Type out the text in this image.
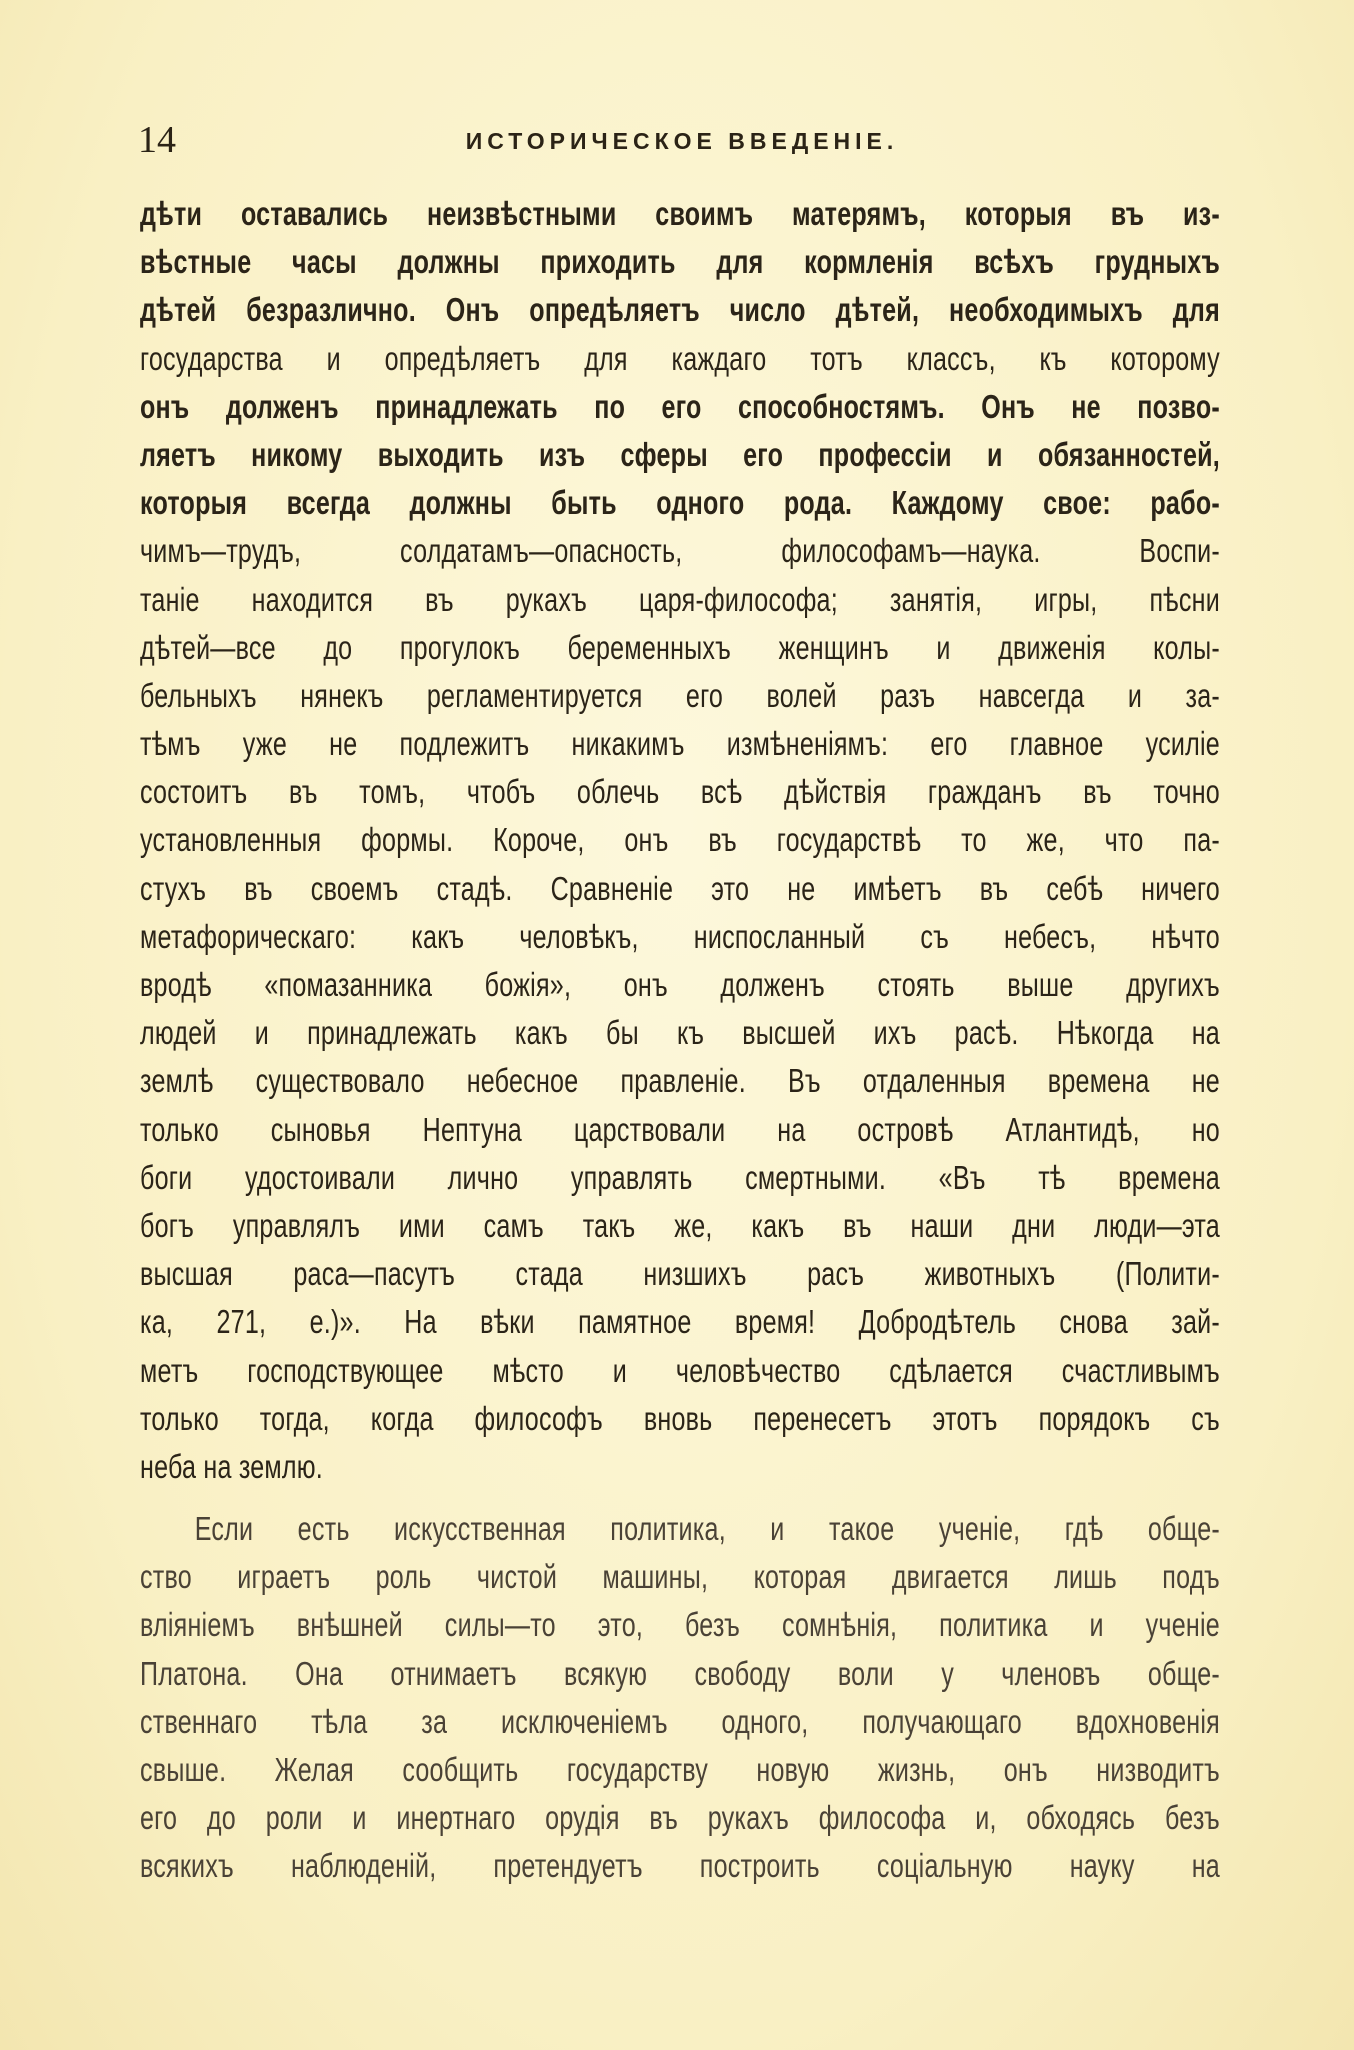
14	ИСТОРИЧЕСКОЕ ВВЕДЕНІЕ.
дѣти оставались неизвѣстными своимъ матерямъ, которыя въ из-
вѣстные часы должны приходить для кормленія всѣхъ грудныхъ
дѣтей безразлично. Онъ опредѣляетъ число дѣтей, необходимыхъ для
государства и опредѣляетъ для каждаго тотъ классъ, къ которому
онъ долженъ принадлежать по его способностямъ. Онъ не позво-
ляетъ никому выходить изъ сферы его профессіи и обязанностей,
которыя всегда должны быть одного рода. Каждому свое: рабо-
чимъ—трудъ, солдатамъ—опасность, философамъ—наука. Воспи-
таніе находится въ рукахъ царя-философа; занятія, игры, пѣсни
дѣтей—все до прогулокъ беременныхъ женщинъ и движенія колы-
бельныхъ нянекъ регламентируется его волей разъ навсегда и за-
тѣмъ уже не подлежитъ никакимъ измѣненіямъ: его главное усиліе
состоитъ въ томъ, чтобъ облечь всѣ дѣйствія гражданъ въ точно
установленныя формы. Короче, онъ въ государствѣ то же, что па-
стухъ въ своемъ стадѣ. Сравненіе это не имѣетъ въ себѣ ничего
метафорическаго: какъ человѣкъ, ниспосланный съ небесъ, нѣчто
вродѣ «помазанника божія», онъ долженъ стоять выше другихъ
людей и принадлежать какъ бы къ высшей ихъ расѣ. Нѣкогда на
землѣ существовало небесное правленіе. Въ отдаленныя времена не
только сыновья Нептуна царствовали на островѣ Атлантидѣ, но
боги удостоивали лично управлять смертными. «Въ тѣ времена
богъ управлялъ ими самъ такъ же, какъ въ наши дни люди—эта
высшая раса—пасутъ стада низшихъ расъ животныхъ (Полити-
ка, 271, е.)». На вѣки памятное время! Добродѣтель снова зай-
метъ господствующее мѣсто и человѣчество сдѣлается счастливымъ
только тогда, когда философъ вновь перенесетъ этотъ порядокъ съ
неба на землю.
Если есть искусственная политика, и такое ученіе, гдѣ обще-
ство играетъ роль чистой машины, которая двигается лишь подъ
вліяніемъ внѣшней силы—то это, безъ сомнѣнія, политика и ученіе
Платона. Она отнимаетъ всякую свободу воли у членовъ обще-
ственнаго тѣла за исключеніемъ одного, получающаго вдохновенія
свыше. Желая сообщить государству новую жизнь, онъ низводитъ
его до роли и инертнаго орудія въ рукахъ философа и, обходясь безъ
всякихъ наблюденій, претендуетъ построить соціальную науку на
